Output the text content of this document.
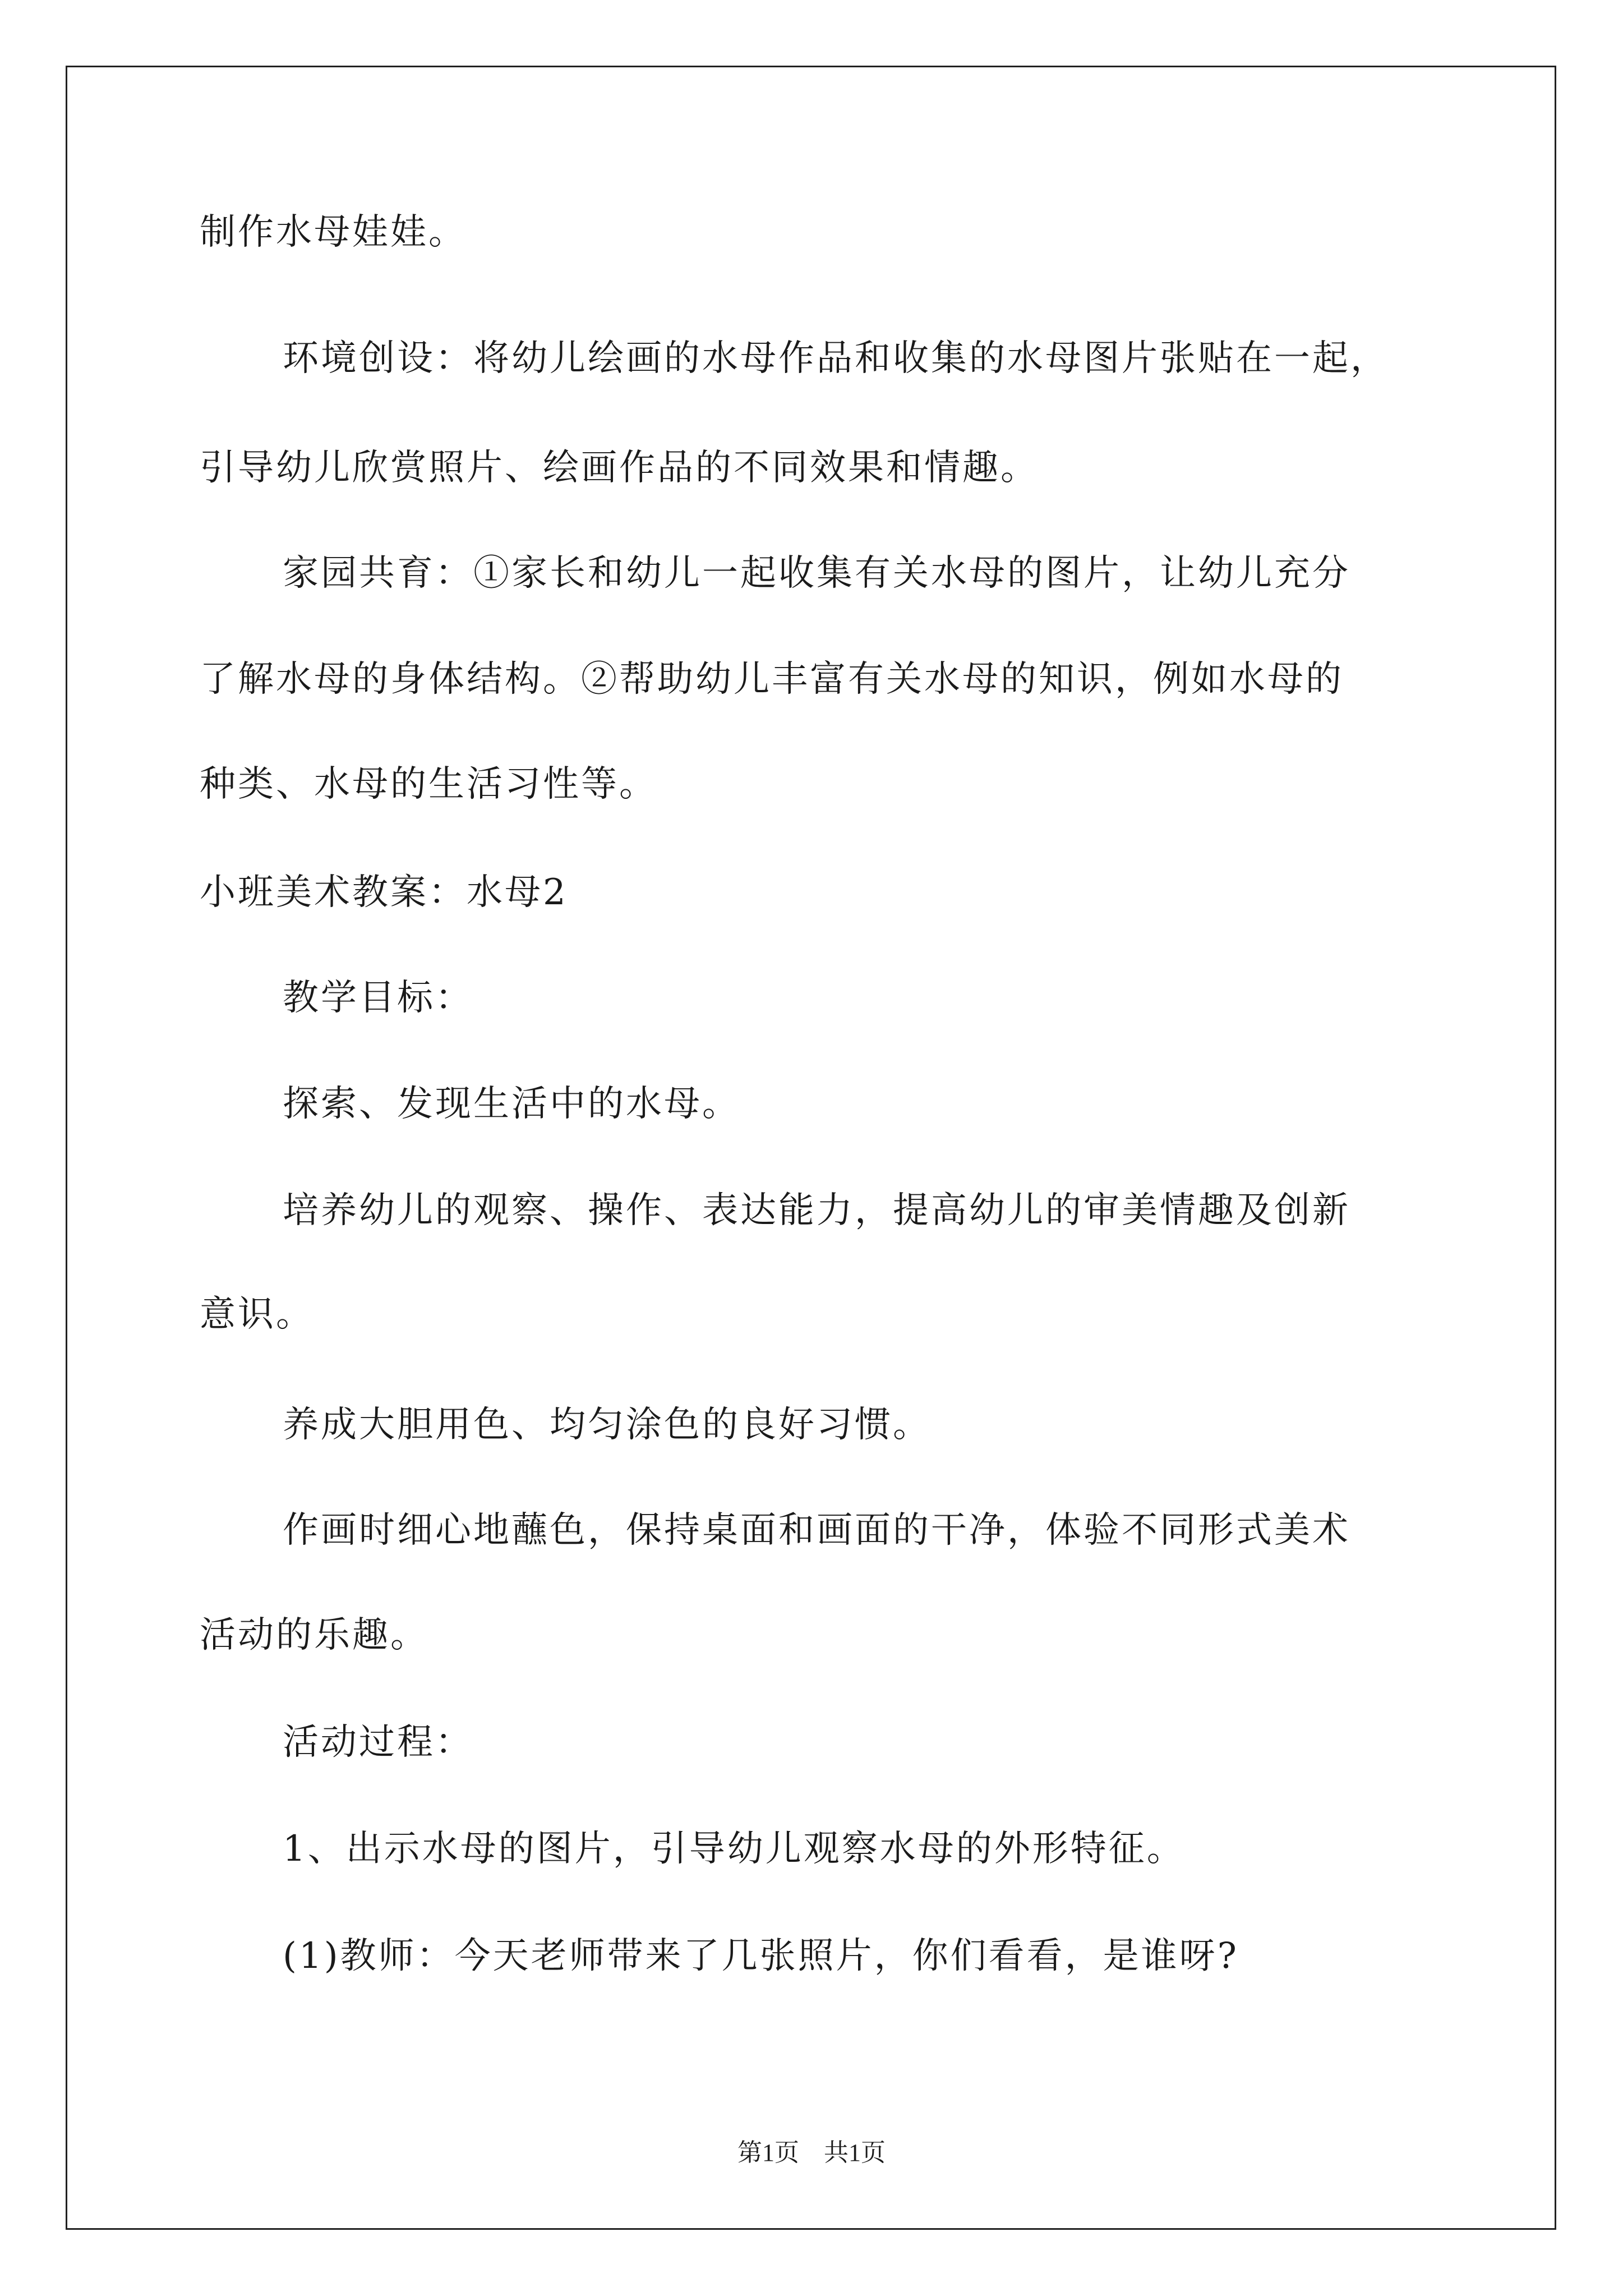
制作水母娃娃。
环境创设：将幼儿绘画的水母作品和收集的水母图片张贴在一起，
引导幼儿欣赏照片、绘画作品的不同效果和情趣。
家园共育：①家长和幼儿一起收集有关水母的图片，让幼儿充分
了解水母的身体结构。②帮助幼儿丰富有关水母的知识，例如水母的
种类、水母的生活习性等。
小班美术教案：水母2
教学目标：
探索、发现生活中的水母。
培养幼儿的观察、操作、表达能力，提高幼儿的审美情趣及创新
意识。
养成大胆用色、均匀涂色的良好习惯。
作画时细心地蘸色，保持桌面和画面的干净，体验不同形式美术
活动的乐趣。
活动过程：
1、出示水母的图片，引导幼儿观察水母的外形特征。
(1)教师：今天老师带来了几张照片，你们看看，是谁呀?
第1页　共1页
